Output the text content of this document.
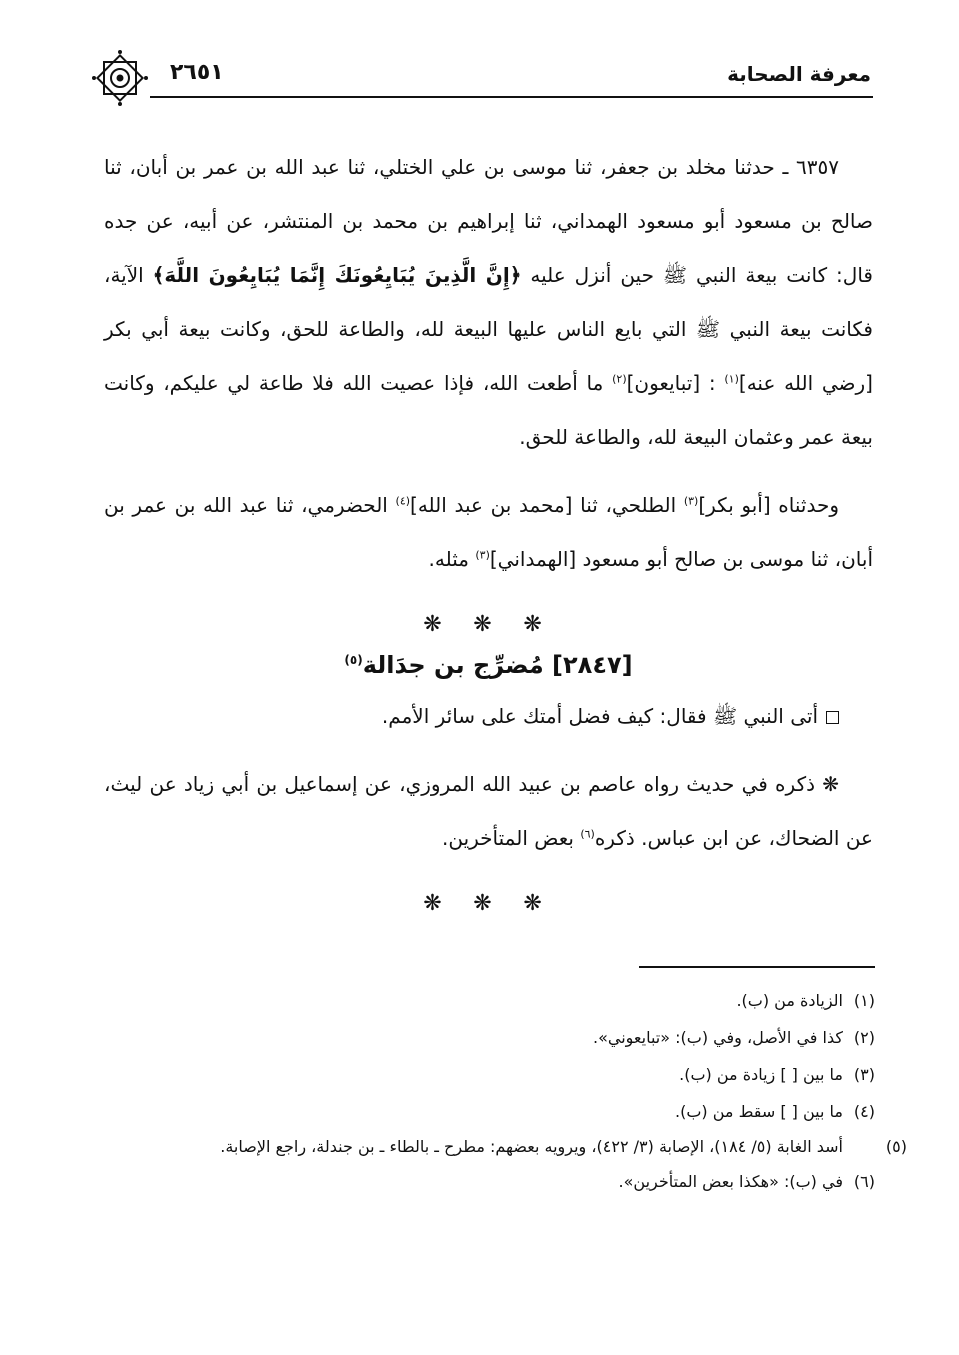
معرفة الصحابة
٢٦٥١

٦٣٥٧ ـ حدثنا مخلد بن جعفر، ثنا موسى بن علي الختلي، ثنا عبد الله بن عمر بن أبان، ثنا صالح بن مسعود أبو مسعود الهمداني، ثنا إبراهيم بن محمد بن المنتشر، عن أبيه، عن جده قال: كانت بيعة النبي ﷺ حين أنزل عليه ﴿إِنَّ الَّذِينَ يُبَايِعُونَكَ إِنَّمَا يُبَايِعُونَ اللَّهَ﴾ الآية، فكانت بيعة النبي ﷺ التي بايع الناس عليها البيعة لله، والطاعة للحق، وكانت بيعة أبي بكر [رضي الله عنه]$^{(١)}$ : [تبايعون]$^{(٢)}$ ما أطعت الله، فإذا عصيت الله فلا طاعة لي عليكم، وكانت بيعة عمر وعثمان البيعة لله، والطاعة للحق.

وحدثناه [أبو بكر]$^{(٣)}$ الطلحي، ثنا [محمد بن عبد الله]$^{(٤)}$ الحضرمي، ثنا عبد الله بن عمر بن أبان، ثنا موسى بن صالح أبو مسعود [الهمداني]$^{(٣)}$ مثله.

❋ ❋ ❋
[٢٨٤٧] مُضرِّج بن جدَالة$^{(٥)}$

أتى النبي ﷺ فقال: كيف فضل أمتك على سائر الأمم.

❋ ذكره في حديث رواه عاصم بن عبيد الله المروزي، عن إسماعيل بن أبي زياد عن ليث، عن الضحاك، عن ابن عباس. ذكره$^{(٦)}$ بعض المتأخرين.

❋ ❋ ❋

(١)الزيادة من (ب).

(٢)كذا في الأصل، وفي (ب): «تبايعوني».

(٣)ما بين [ ] زيادة من (ب).

(٤)ما بين [ ] سقط من (ب).

(٥)أسد الغابة (٥/ ١٨٤)، الإصابة (٣/ ٤٢٢)، ويرويه بعضهم: مطرح ـ بالطاء ـ بن جندلة، راجع الإصابة.

(٦)في (ب): «هكذا بعض المتأخرين».
